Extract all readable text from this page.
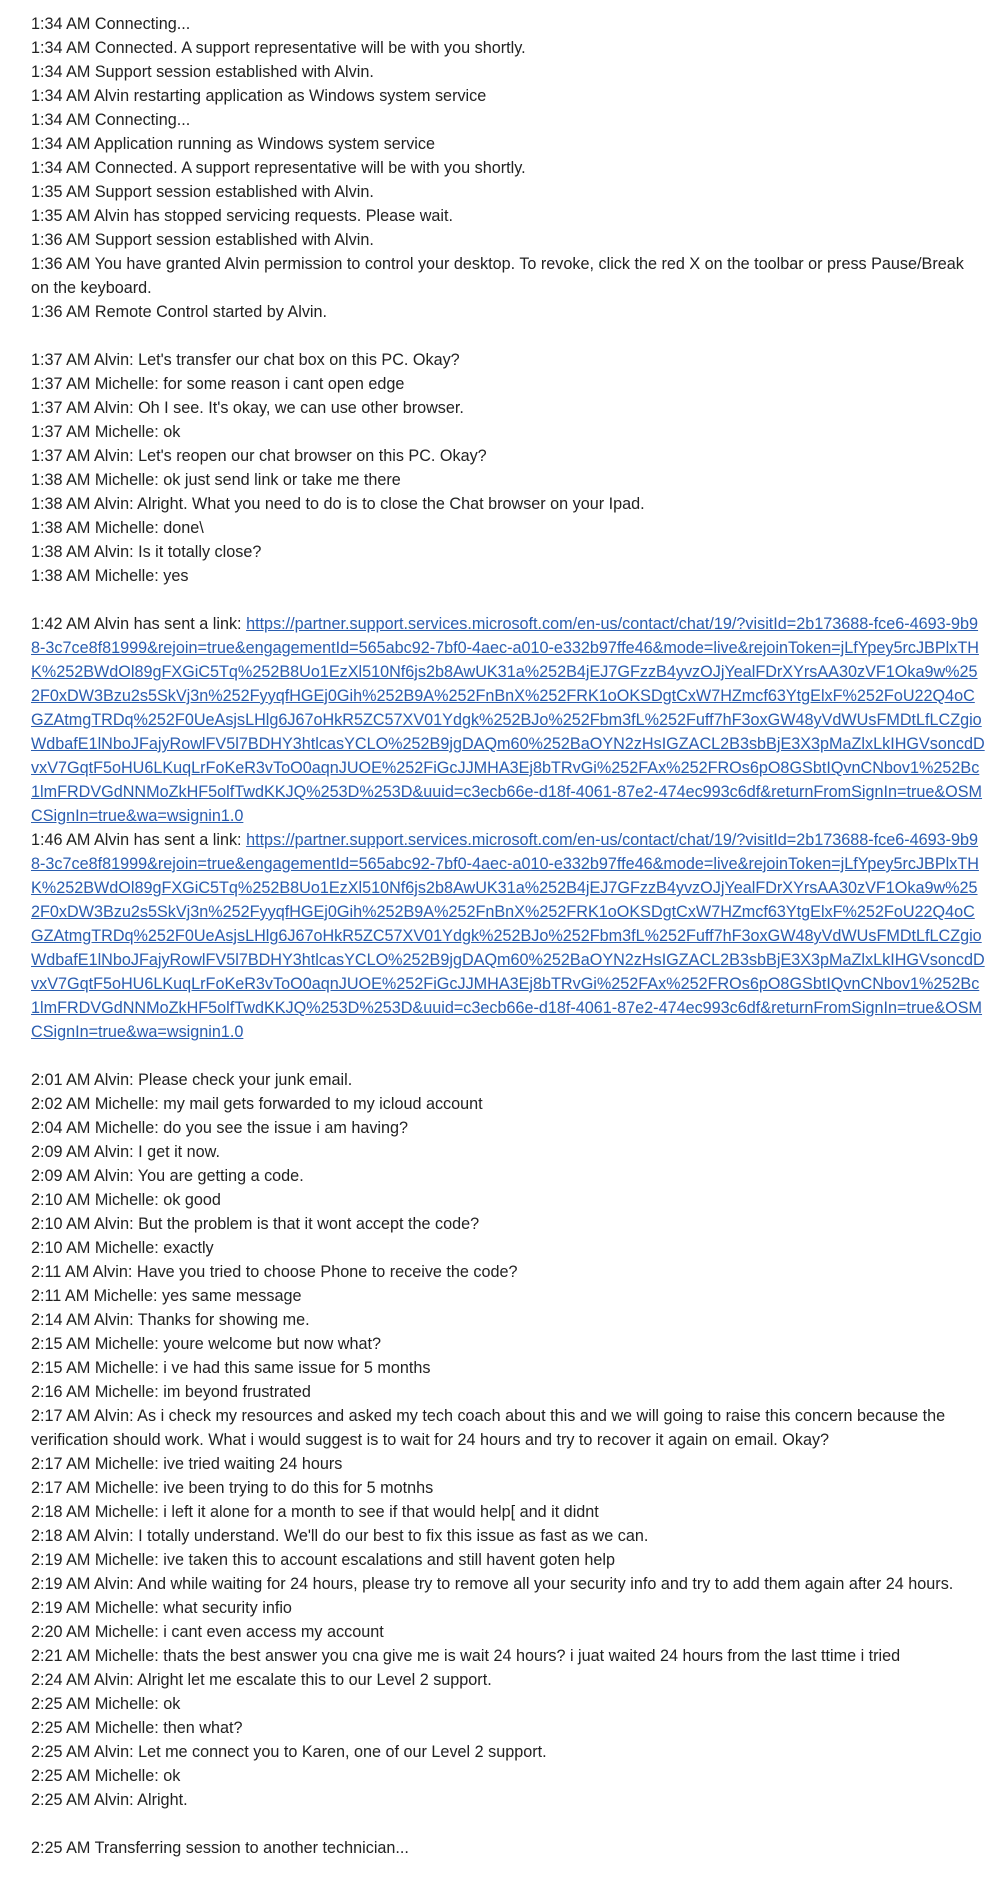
1:34 AM Connecting...

1:34 AM Connected. A support representative will be with you shortly.

1:34 AM Support session established with Alvin.

1:34 AM Alvin restarting application as Windows system service

1:34 AM Connecting...

1:34 AM Application running as Windows system service

1:34 AM Connected. A support representative will be with you shortly.

1:35 AM Support session established with Alvin.

1:35 AM Alvin has stopped servicing requests. Please wait.

1:36 AM Support session established with Alvin.

1:36 AM You have granted Alvin permission to control your desktop. To revoke, click the red X on the toolbar or press Pause/Break on the keyboard.

1:36 AM Remote Control started by Alvin.

1:37 AM Alvin: Let's transfer our chat box on this PC. Okay?

1:37 AM Michelle: for some reason i cant open edge

1:37 AM Alvin: Oh I see. It's okay, we can use other browser.

1:37 AM Michelle: ok

1:37 AM Alvin: Let's reopen our chat browser on this PC. Okay?

1:38 AM Michelle: ok just send link or take me there

1:38 AM Alvin: Alright. What you need to do is to close the Chat browser on your Ipad.

1:38 AM Michelle: done\

1:38 AM Alvin: Is it totally close?

1:38 AM Michelle: yes

1:42 AM Alvin has sent a link: https://partner.support.services.microsoft.com/en-us/contact/chat/19/?visitId=2b173688-fce6-4693-9b98-3c7ce8f81999&rejoin=true&engagementId=565abc92-7bf0-4aec-a010-e332b97ffe46&mode=live&rejoinToken=jLfYpey5rcJBPlxTHK%252BWdOl89gFXGiC5Tq%252B8Uo1EzXl510Nf6js2b8AwUK31a%252B4jEJ7GFzzB4yvzOJjYealFDrXYrsAA30zVF1Oka9w%252F0xDW3Bzu2s5SkVj3n%252FyyqfHGEj0Gih%252B9A%252FnBnX%252FRK1oOKSDgtCxW7HZmcf63YtgElxF%252FoU22Q4oCGZAtmgTRDq%252F0UeAsjsLHlg6J67oHkR5ZC57XV01Ydgk%252BJo%252Fbm3fL%252Fuff7hF3oxGW48yVdWUsFMDtLfLCZgioWdbafE1lNboJFajyRowlFV5l7BDHY3htlcasYCLO%252B9jgDAQm60%252BaOYN2zHsIGZACL2B3sbBjE3X3pMaZlxLkIHGVsoncdDvxV7GqtF5oHU6LKuqLrFoKeR3vToO0aqnJUOE%252FiGcJJMHA3Ej8bTRvGi%252FAx%252FROs6pO8GSbtIQvnCNbov1%252Bc1lmFRDVGdNNMoZkHF5olfTwdKKJQ%253D%253D&uuid=c3ecb66e-d18f-4061-87e2-474ec993c6df&returnFromSignIn=true&OSMCSignIn=true&wa=wsignin1.0

1:46 AM Alvin has sent a link: https://partner.support.services.microsoft.com/en-us/contact/chat/19/?visitId=2b173688-fce6-4693-9b98-3c7ce8f81999&rejoin=true&engagementId=565abc92-7bf0-4aec-a010-e332b97ffe46&mode=live&rejoinToken=jLfYpey5rcJBPlxTHK%252BWdOl89gFXGiC5Tq%252B8Uo1EzXl510Nf6js2b8AwUK31a%252B4jEJ7GFzzB4yvzOJjYealFDrXYrsAA30zVF1Oka9w%252F0xDW3Bzu2s5SkVj3n%252FyyqfHGEj0Gih%252B9A%252FnBnX%252FRK1oOKSDgtCxW7HZmcf63YtgElxF%252FoU22Q4oCGZAtmgTRDq%252F0UeAsjsLHlg6J67oHkR5ZC57XV01Ydgk%252BJo%252Fbm3fL%252Fuff7hF3oxGW48yVdWUsFMDtLfLCZgioWdbafE1lNboJFajyRowlFV5l7BDHY3htlcasYCLO%252B9jgDAQm60%252BaOYN2zHsIGZACL2B3sbBjE3X3pMaZlxLkIHGVsoncdDvxV7GqtF5oHU6LKuqLrFoKeR3vToO0aqnJUOE%252FiGcJJMHA3Ej8bTRvGi%252FAx%252FROs6pO8GSbtIQvnCNbov1%252Bc1lmFRDVGdNNMoZkHF5olfTwdKKJQ%253D%253D&uuid=c3ecb66e-d18f-4061-87e2-474ec993c6df&returnFromSignIn=true&OSMCSignIn=true&wa=wsignin1.0

2:01 AM Alvin: Please check your junk email.

2:02 AM Michelle: my mail gets forwarded to my icloud account

2:04 AM Michelle: do you see the issue i am having?

2:09 AM Alvin: I get it now.

2:09 AM Alvin: You are getting a code.

2:10 AM Michelle: ok good

2:10 AM Alvin: But the problem is that it wont accept the code?

2:10 AM Michelle: exactly

2:11 AM Alvin: Have you tried to choose Phone to receive the code?

2:11 AM Michelle: yes same message

2:14 AM Alvin: Thanks for showing me.

2:15 AM Michelle: youre welcome but now what?

2:15 AM Michelle: i ve had this same issue for 5 months

2:16 AM Michelle: im beyond frustrated

2:17 AM Alvin: As i check my resources and asked my tech coach about this and we will going to raise this concern because the verification should work. What i would suggest is to wait for 24 hours and try to recover it again on email. Okay?

2:17 AM Michelle: ive tried waiting 24 hours

2:17 AM Michelle: ive been trying to do this for 5 motnhs

2:18 AM Michelle: i left it alone for a month to see if that would help[ and it didnt

2:18 AM Alvin: I totally understand. We'll do our best to fix this issue as fast as we can.

2:19 AM Michelle: ive taken this to account escalations and still havent goten help

2:19 AM Alvin: And while waiting for 24 hours, please try to remove all your security info and try to add them again after 24 hours.

2:19 AM Michelle: what security infio

2:20 AM Michelle: i cant even access my account

2:21 AM Michelle: thats the best answer you cna give me is wait 24 hours? i juat waited 24 hours from the last ttime i tried

2:24 AM Alvin: Alright let me escalate this to our Level 2 support.

2:25 AM Michelle: ok

2:25 AM Michelle: then what?

2:25 AM Alvin: Let me connect you to Karen, one of our Level 2 support.

2:25 AM Michelle: ok

2:25 AM Alvin: Alright.

2:25 AM Transferring session to another technician...
